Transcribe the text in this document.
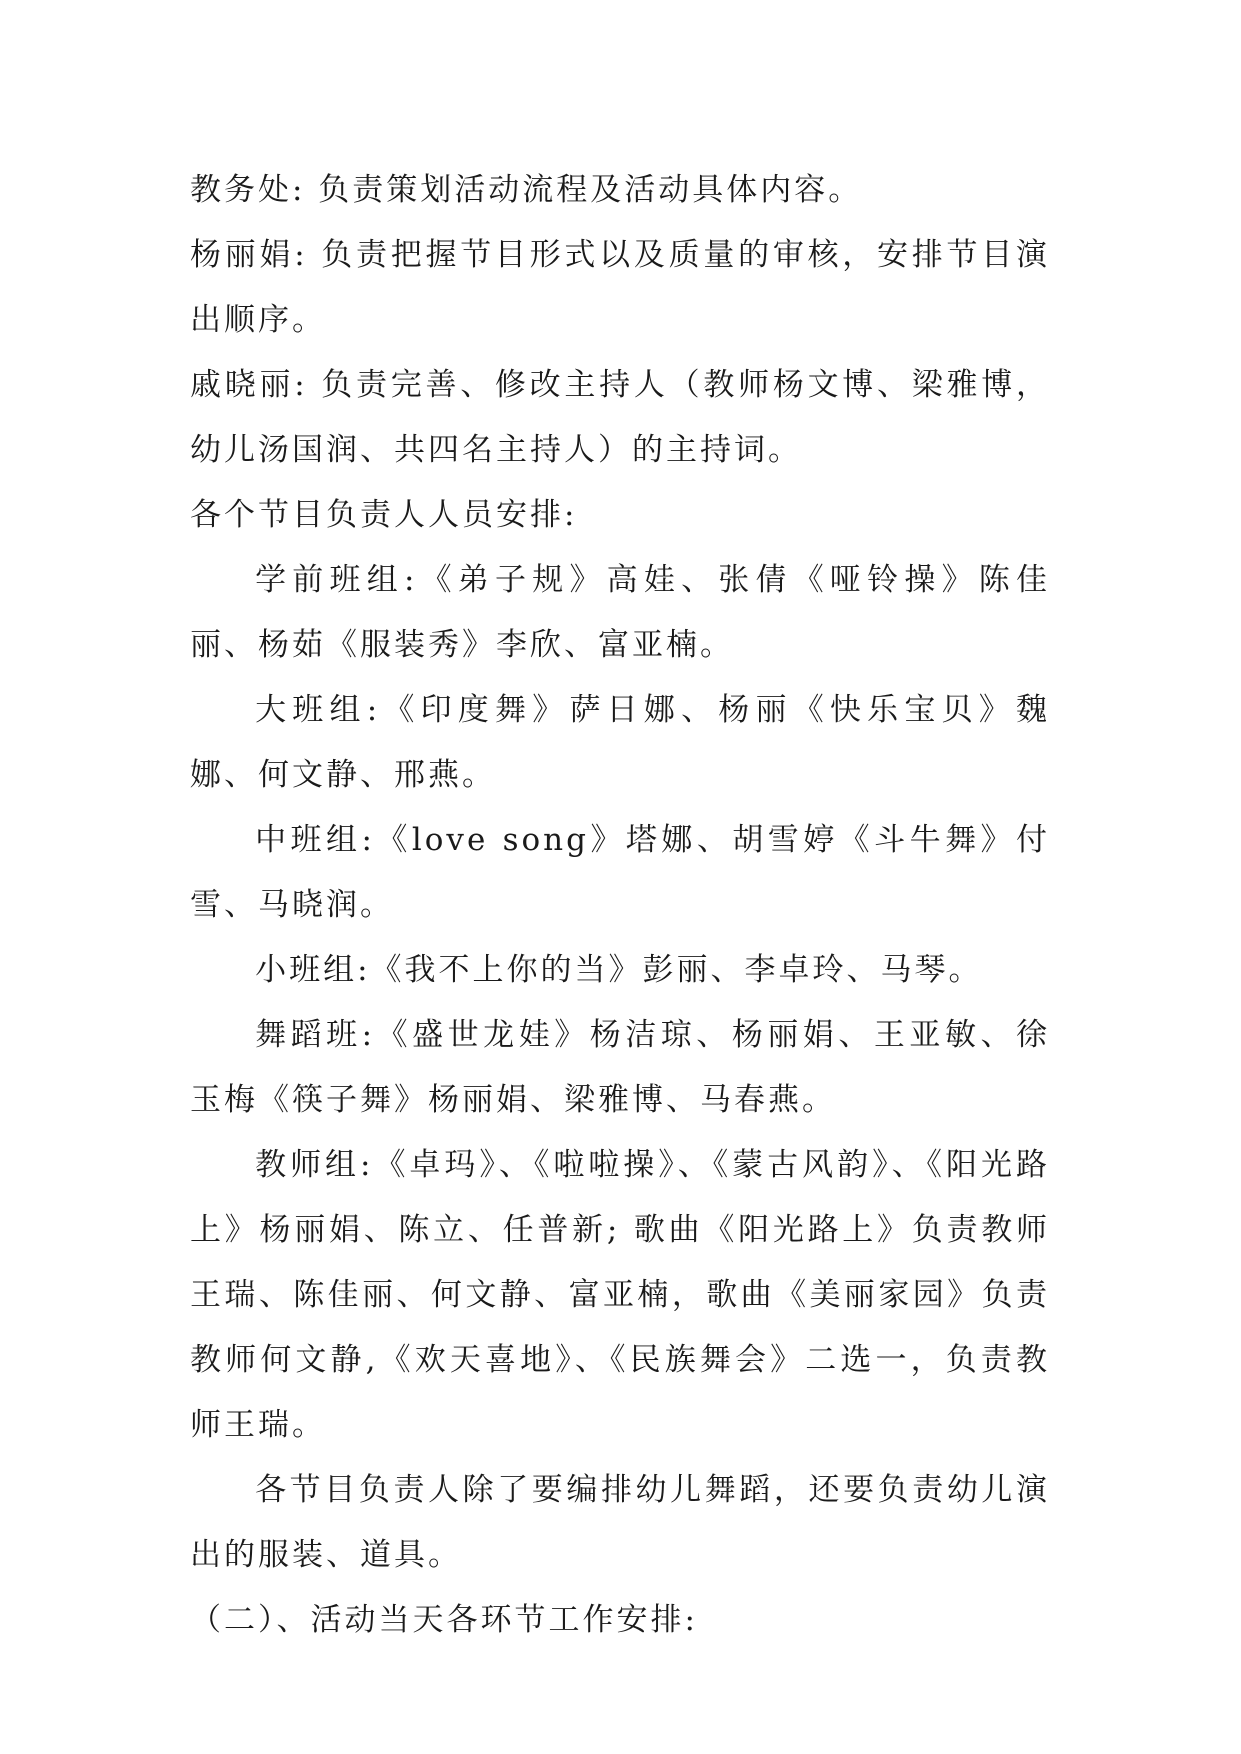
教务处: 负责策划活动流程及活动具体内容。

杨丽娟: 负责把握节目形式以及质量的审核，安排节目演出顺序。

戚晓丽: 负责完善、修改主持人（教师杨文博、梁雅博，幼儿汤国润、共四名主持人）的主持词。

各个节目负责人人员安排:

学前班组:《弟子规》高娃、张倩《哑铃操》陈佳丽、杨茹《服装秀》李欣、富亚楠。

大班组:《印度舞》萨日娜、杨丽《快乐宝贝》魏娜、何文静、邢燕。

中班组:《love song》塔娜、胡雪婷《斗牛舞》付雪、马晓润。

小班组:《我不上你的当》彭丽、李卓玲、马琴。

舞蹈班:《盛世龙娃》杨洁琼、杨丽娟、王亚敏、徐玉梅《筷子舞》杨丽娟、梁雅博、马春燕。

教师组:《卓玛》、《啦啦操》、《蒙古风韵》、《阳光路上》杨丽娟、陈立、任普新; 歌曲《阳光路上》负责教师王瑞、陈佳丽、何文静、富亚楠，歌曲《美丽家园》负责教师何文静,《欢天喜地》、《民族舞会》二选一，负责教师王瑞。

各节目负责人除了要编排幼儿舞蹈，还要负责幼儿演出的服装、道具。

（二）、活动当天各环节工作安排:
